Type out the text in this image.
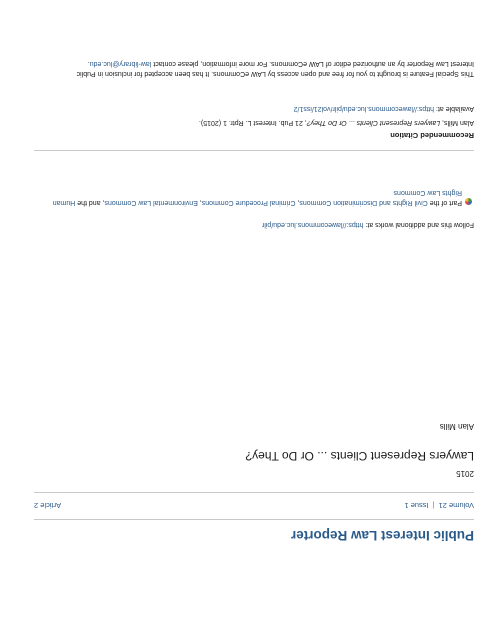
Public Interest Law Reporter
Volume 21|Issue 1
Article 2
2015
Lawyers Represent Clients ... Or Do They?
Alan Mills
Follow this and additional works at: https://lawecommons.luc.edu/pilr
Part of the Civil Rights and Discrimination Commons, Criminal Procedure Commons, Environmental Law Commons, and the Human Rights Law Commons
Recommended Citation
Alan Mills, Lawyers Represent Clients ... Or Do They?, 21 Pub. Interest L. Rptr. 1 (2015).
Available at: https://lawecommons.luc.edu/pilr/vol21/iss1/2
This Special Feature is brought to you for free and open access by LAW eCommons. It has been accepted for inclusion in Public Interest Law Reporter by an authorized editor of LAW eCommons. For more information, please contact law-library@luc.edu.
